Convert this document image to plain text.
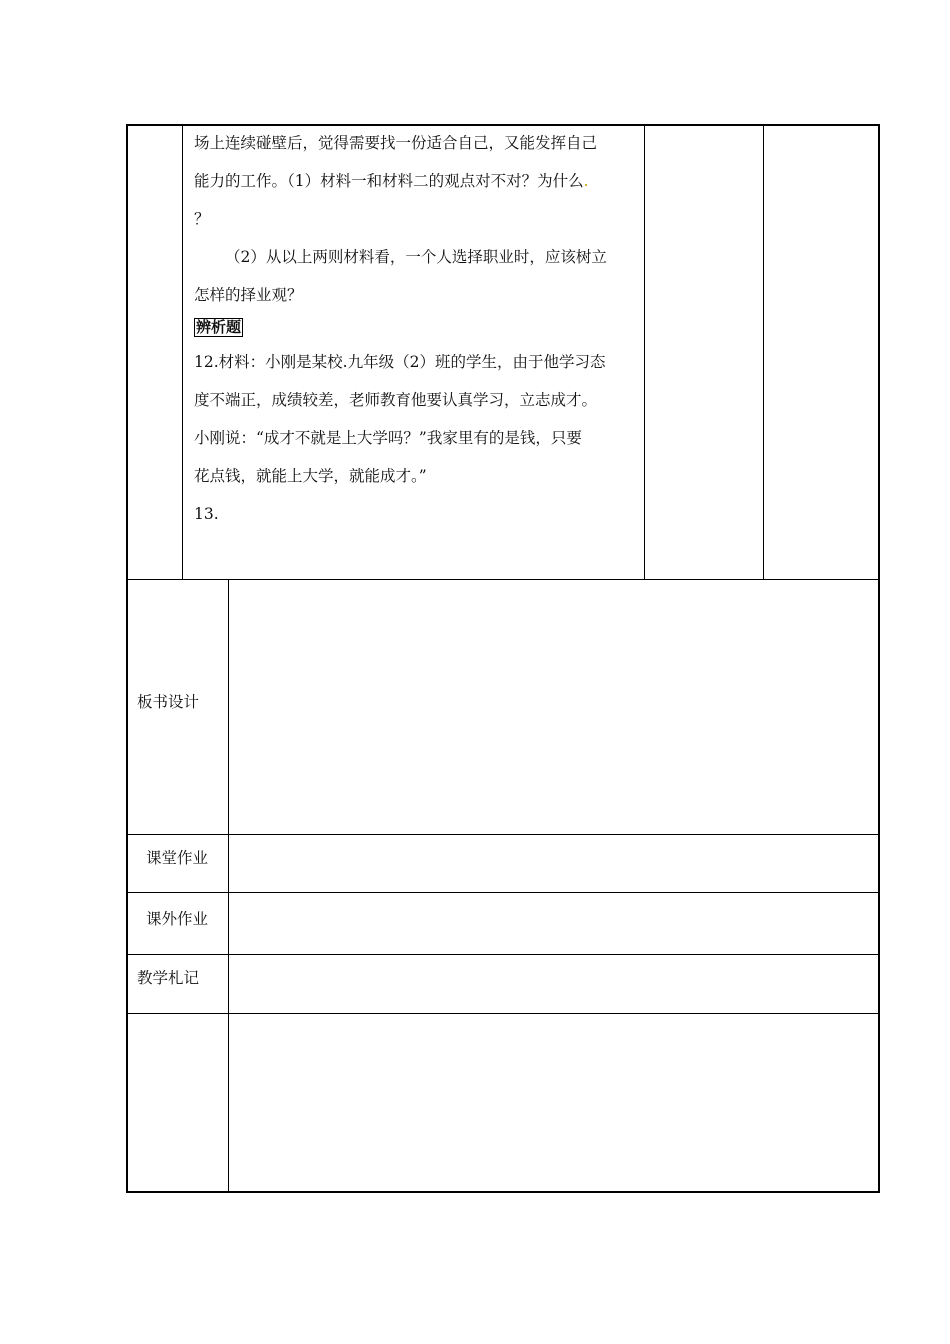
场上连续碰壁后，觉得需要找一份适合自己，又能发挥自己

能力的工作。（1）材料一和材料二的观点对不对？为什么.

？

（2）从以上两则材料看，一个人选择职业时，应该树立

怎样的择业观？

辨析题

12.材料：小刚是某校.九年级（2）班的学生，由于他学习态

度不端正，成绩较差，老师教育他要认真学习，立志成才。

小刚说：“成才不就是上大学吗？”我家里有的是钱，只要

花点钱，就能上大学，就能成才。”

13.

板书设计
课堂作业
课外作业
教学札记
